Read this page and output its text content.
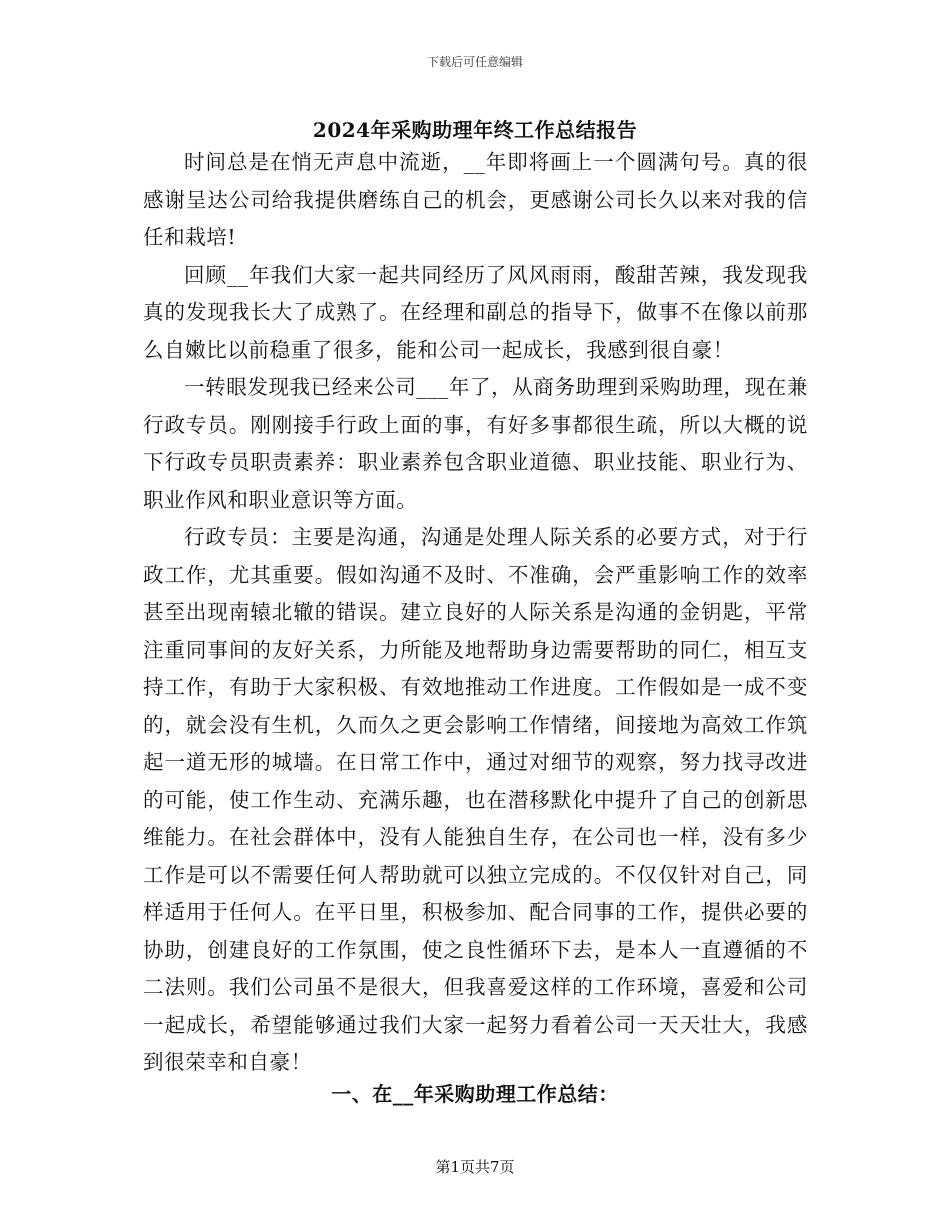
下载后可任意编辑
2024年采购助理年终工作总结报告

时间总是在悄无声息中流逝，__年即将画上一个圆满句号。真的很感谢呈达公司给我提供磨练自己的机会，更感谢公司长久以来对我的信任和栽培!

回顾__年我们大家一起共同经历了风风雨雨，酸甜苦辣，我发现我真的发现我长大了成熟了。在经理和副总的指导下，做事不在像以前那么自嫩比以前稳重了很多，能和公司一起成长，我感到很自豪！

一转眼发现我已经来公司___年了，从商务助理到采购助理，现在兼行政专员。刚刚接手行政上面的事，有好多事都很生疏，所以大概的说下行政专员职责素养：职业素养包含职业道德、职业技能、职业行为、职业作风和职业意识等方面。

行政专员：主要是沟通，沟通是处理人际关系的必要方式，对于行政工作，尤其重要。假如沟通不及时、不准确，会严重影响工作的效率甚至出现南辕北辙的错误。建立良好的人际关系是沟通的金钥匙，平常注重同事间的友好关系，力所能及地帮助身边需要帮助的同仁，相互支持工作，有助于大家积极、有效地推动工作进度。工作假如是一成不变的，就会没有生机，久而久之更会影响工作情绪，间接地为高效工作筑起一道无形的城墙。在日常工作中，通过对细节的观察，努力找寻改进的可能，使工作生动、充满乐趣，也在潜移默化中提升了自己的创新思维能力。在社会群体中，没有人能独自生存，在公司也一样，没有多少工作是可以不需要任何人帮助就可以独立完成的。不仅仅针对自己，同样适用于任何人。在平日里，积极参加、配合同事的工作，提供必要的协助，创建良好的工作氛围，使之良性循环下去，是本人一直遵循的不二法则。我们公司虽不是很大，但我喜爱这样的工作环境，喜爱和公司一起成长，希望能够通过我们大家一起努力看着公司一天天壮大，我感到很荣幸和自豪！

一、在__年采购助理工作总结：
第1页共7页
